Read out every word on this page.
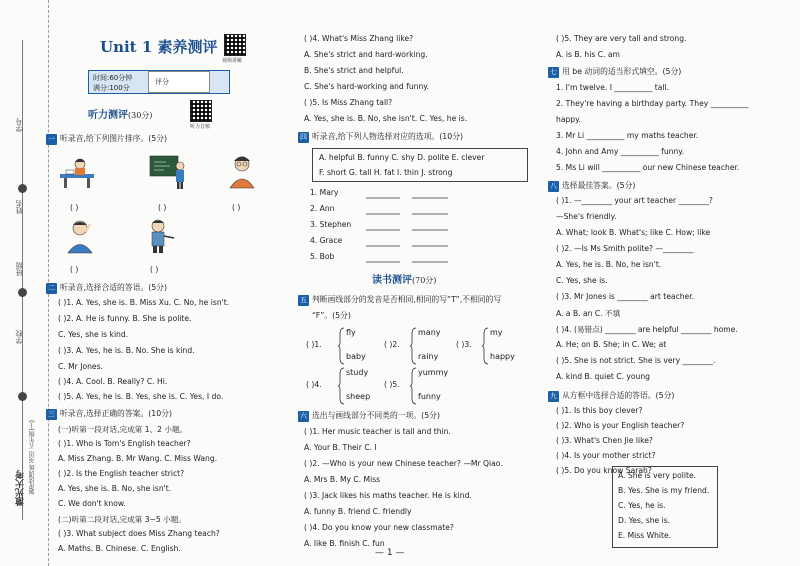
学号
姓名
班级
学校
激光大考 题优选训练 英语 五年级(上)
Unit 1 素养测评
视频讲解
时间:60分钟
满分:100分
评分
听力测评(30分)
听力音频
一 听录音,给下列图片排序。(5分)
( )	( )	( )
( )	( )
二 听录音,选择合适的答语。(5分)
( )1. A. Yes, she is. B. Miss Xu. C. No, he isn't.
( )2. A. He is funny. B. She is polite.
C. Yes, she is kind.
( )3. A. Yes, he is. B. No. She is kind.
C. Mr Jones.
( )4. A. Cool. B. Really? C. Hi.
( )5. A. Yes, he is. B. Yes, she is. C. Yes, I do.
三 听录音,选择正确的答案。(10分)
(一)听第一段对话,完成第 1、2 小题。
( )1. Who is Tom's English teacher?
A. Miss Zhang. B. Mr Wang. C. Miss Wang.
( )2. Is the English teacher strict?
A. Yes, she is. B. No, she isn't.
C. We don't know.
(二)听第二段对话,完成第 3~5 小题。
( )3. What subject does Miss Zhang teach?
A. Maths. B. Chinese. C. English.
( )4. What's Miss Zhang like?
A. She's strict and hard-working.
B. She's strict and helpful.
C. She's hard-working and funny.
( )5. Is Miss Zhang tall?
A. Yes, she is. B. No, she isn't. C. Yes, he is.
四 听录音,给下列人物选择对应的选项。(10分)
A. helpful B. funny C. shy D. polite E. clever
F. short G. tall H. fat I. thin J. strong
1. Mary
2. Ann
3. Stephen
4. Grace
5. Bob
读书测评(70分)
五 判断画线部分的发音是否相同,相同的写“T”,不相同的写
“F”。(5分)
( )1.
fly
baby
( )2.
many
rainy
( )3.
my
happy
( )4.
study
sheep
( )5.
yummy
funny
六 选出与画线部分不同类的一项。(5分)
( )1. Her music teacher is tall and thin.
A. Your B. Their C. I
( )2. —Who is your new Chinese teacher? —Mr Qiao.
A. Mrs B. My C. Miss
( )3. Jack likes his maths teacher. He is kind.
A. funny B. friend C. friendly
( )4. Do you know your new classmate?
A. like B. finish C. fun
( )5. They are very tall and strong.
A. is B. his C. am
七 用 be 动词的适当形式填空。(5分)
1. I'm twelve. I __________ tall.
2. They're having a birthday party. They __________
happy.
3. Mr Li __________ my maths teacher.
4. John and Amy __________ funny.
5. Ms Li will __________ our new Chinese teacher.
八 选择最佳答案。(5分)
( )1. —________ your art teacher ________?
—She's friendly.
A. What; look B. What's; like C. How; like
( )2. —Is Ms Smith polite? —________
A. Yes, he is. B. No, he isn't.
C. Yes, she is.
( )3. Mr Jones is ________ art teacher.
A. a B. an C. 不填
( )4. (易错点) ________ are helpful ________ home.
A. He; on B. She; in C. We; at
( )5. She is not strict. She is very ________.
A. kind B. quiet C. young
九 从方框中选择合适的答语。(5分)
( )1. Is this boy clever?
( )2. Who is your English teacher?
( )3. What's Chen Jie like?
( )4. Is your mother strict?
( )5. Do you know Sarah?
A. She is very polite.
B. Yes. She is my friend.
C. Yes, he is.
D. Yes, she is.
E. Miss White.
— 1 —
